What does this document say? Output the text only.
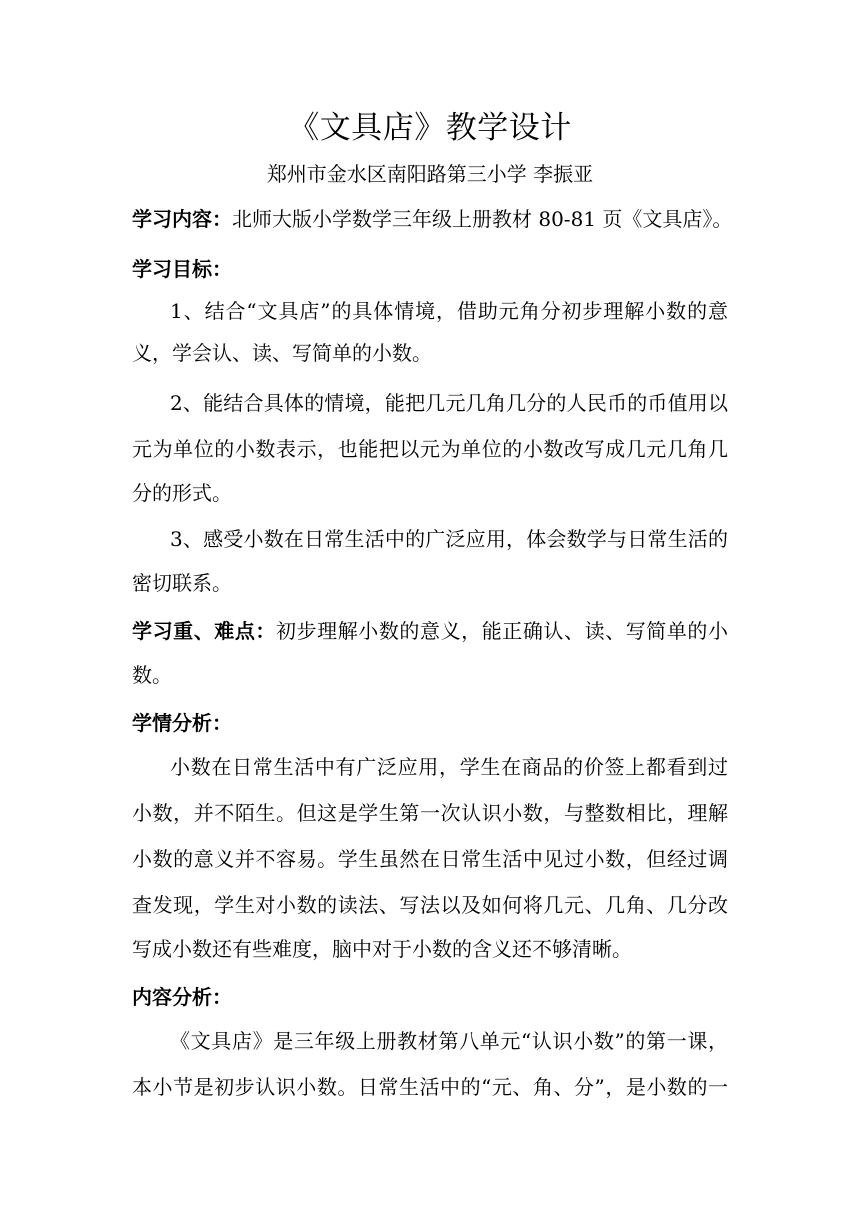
《文具店》教学设计
郑州市金水区南阳路第三小学 李振亚
学习内容：北师大版小学数学三年级上册教材 80-81 页《文具店》。
学习目标：
1、结合“文具店”的具体情境，借助元角分初步理解小数的意
义，学会认、读、写简单的小数。
2、能结合具体的情境，能把几元几角几分的人民币的币值用以
元为单位的小数表示，也能把以元为单位的小数改写成几元几角几
分的形式。
3、感受小数在日常生活中的广泛应用，体会数学与日常生活的
密切联系。
学习重、难点：初步理解小数的意义，能正确认、读、写简单的小
数。
学情分析：
小数在日常生活中有广泛应用，学生在商品的价签上都看到过
小数，并不陌生。但这是学生第一次认识小数，与整数相比，理解
小数的意义并不容易。学生虽然在日常生活中见过小数，但经过调
查发现，学生对小数的读法、写法以及如何将几元、几角、几分改
写成小数还有些难度，脑中对于小数的含义还不够清晰。
内容分析：
《文具店》是三年级上册教材第八单元“认识小数”的第一课，
本小节是初步认识小数。日常生活中的“元、角、分”，是小数的一
